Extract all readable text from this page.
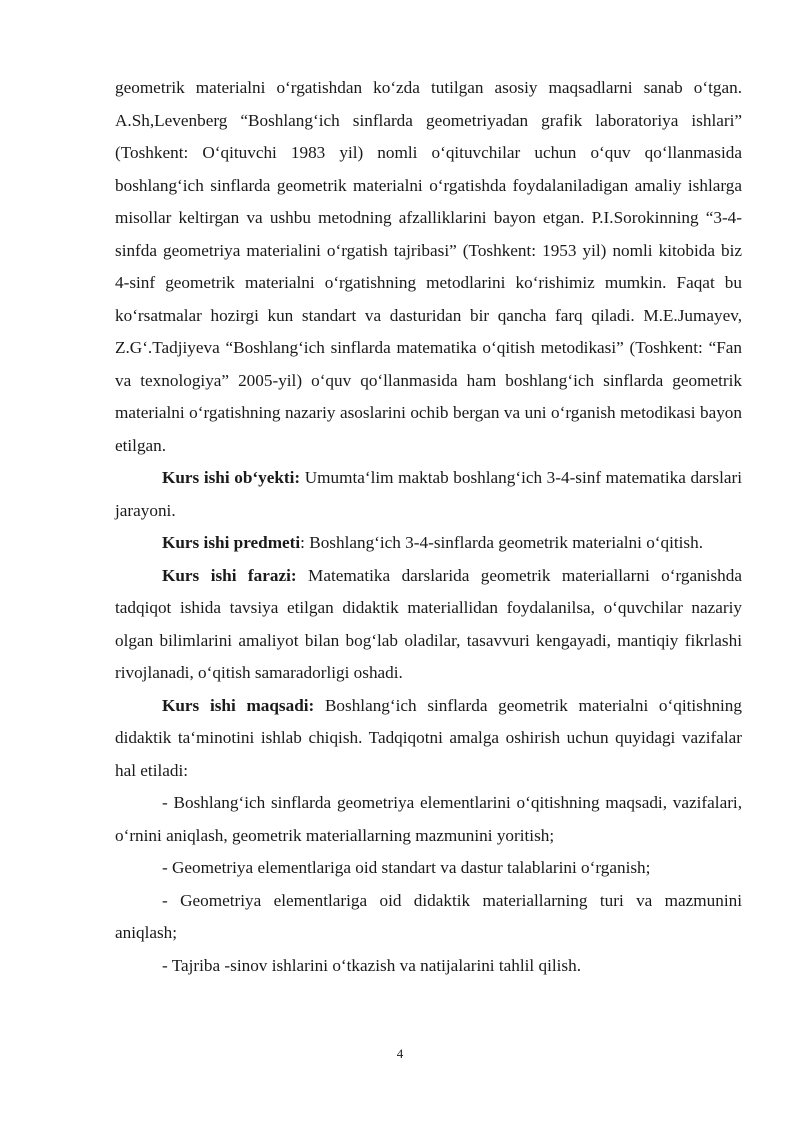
geometrik materialni o‘rgatishdan ko‘zda tutilgan asosiy maqsadlarni sanab o‘tgan. A.Sh,Levenberg “Boshlang‘ich sinflarda geometriyadan grafik laboratoriya ishlari” (Toshkent: O‘qituvchi 1983 yil) nomli o‘qituvchilar uchun o‘quv qo‘llanmasida boshlang‘ich sinflarda geometrik materialni o‘rgatishda foydalaniladigan amaliy ishlarga misollar keltirgan va ushbu metodning afzalliklarini bayon etgan. P.I.Sorokinning “3-4-sinfda geometriya materialini o‘rgatish tajribasi” (Toshkent: 1953 yil) nomli kitobida biz 4-sinf geometrik materialni o‘rgatishning metodlarini ko‘rishimiz mumkin. Faqat bu ko‘rsatmalar hozirgi kun standart va dasturidan bir qancha farq qiladi. M.E.Jumayev, Z.G‘.Tadjiyeva “Boshlang‘ich sinflarda matematika o‘qitish metodikasi” (Toshkent: “Fan va texnologiya” 2005-yil) o‘quv qo‘llanmasida ham boshlang‘ich sinflarda geometrik materialni o‘rgatishning nazariy asoslarini ochib bergan va uni o‘rganish metodikasi bayon etilgan.

Kurs ishi ob‘yekti: Umumta‘lim maktab boshlang‘ich 3-4-sinf matematika darslari jarayoni.

Kurs ishi predmeti: Boshlang‘ich 3-4-sinflarda geometrik materialni o‘qitish.

Kurs ishi farazi: Matematika darslarida geometrik materiallarni o‘rganishda tadqiqot ishida tavsiya etilgan didaktik materiallidan foydalanilsa, o‘quvchilar nazariy olgan bilimlarini amaliyot bilan bog‘lab oladilar, tasavvuri kengayadi, mantiqiy fikrlashi rivojlanadi, o‘qitish samaradorligi oshadi.

Kurs ishi maqsadi: Boshlang‘ich sinflarda geometrik materialni o‘qitishning didaktik ta‘minotini ishlab chiqish. Tadqiqotni amalga oshirish uchun quyidagi vazifalar hal etiladi:

- Boshlang‘ich sinflarda geometriya elementlarini o‘qitishning maqsadi, vazifalari, o‘rnini aniqlash, geometrik materiallarning mazmunini yoritish;

- Geometriya elementlariga oid standart va dastur talablarini o‘rganish;

- Geometriya elementlariga oid didaktik materiallarning turi va mazmunini aniqlash;

- Tajriba -sinov ishlarini o‘tkazish va natijalarini tahlil qilish.

4
